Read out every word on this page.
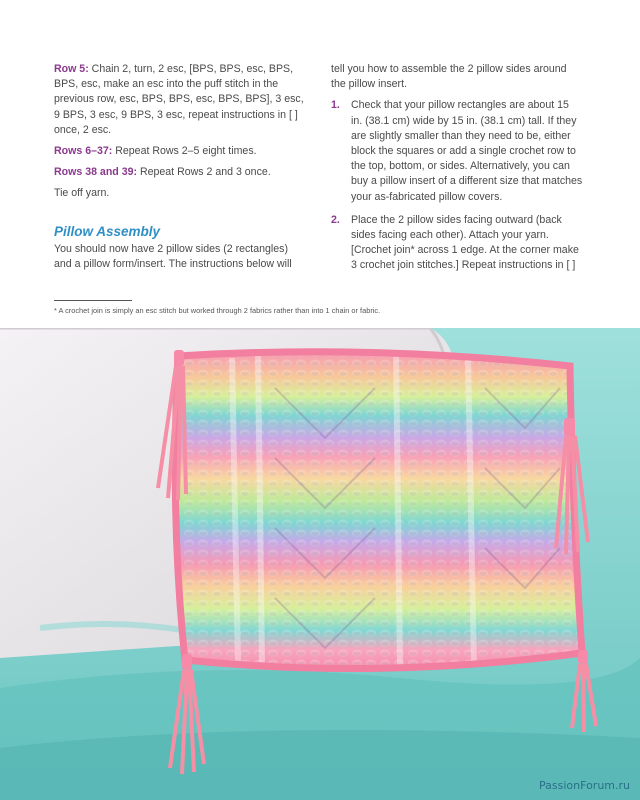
Row 5: Chain 2, turn, 2 esc, [BPS, BPS, esc, BPS, BPS, esc, make an esc into the puff stitch in the previous row, esc, BPS, BPS, esc, BPS, BPS], 3 esc, 9 BPS, 3 esc, 9 BPS, 3 esc, repeat instructions in [ ] once, 2 esc.

Rows 6–37: Repeat Rows 2–5 eight times.

Rows 38 and 39: Repeat Rows 2 and 3 once.

Tie off yarn.

Pillow Assembly

You should now have 2 pillow sides (2 rectangles) and a pillow form/insert. The instructions below will

tell you how to assemble the 2 pillow sides around the pillow insert.

1. Check that your pillow rectangles are about 15 in. (38.1 cm) wide by 15 in. (38.1 cm) tall. If they are slightly smaller than they need to be, either block the squares or add a single crochet row to the top, bottom, or sides. Alternatively, you can buy a pillow insert of a different size that matches your as-fabricated pillow covers.
2. Place the 2 pillow sides facing outward (back sides facing each other). Attach your yarn. [Crochet join* across 1 edge. At the corner make 3 crochet join stitches.] Repeat instructions in [ ]
* A crochet join is simply an esc stitch but worked through 2 fabrics rather than into 1 chain or fabric.
PassionForum.ru
